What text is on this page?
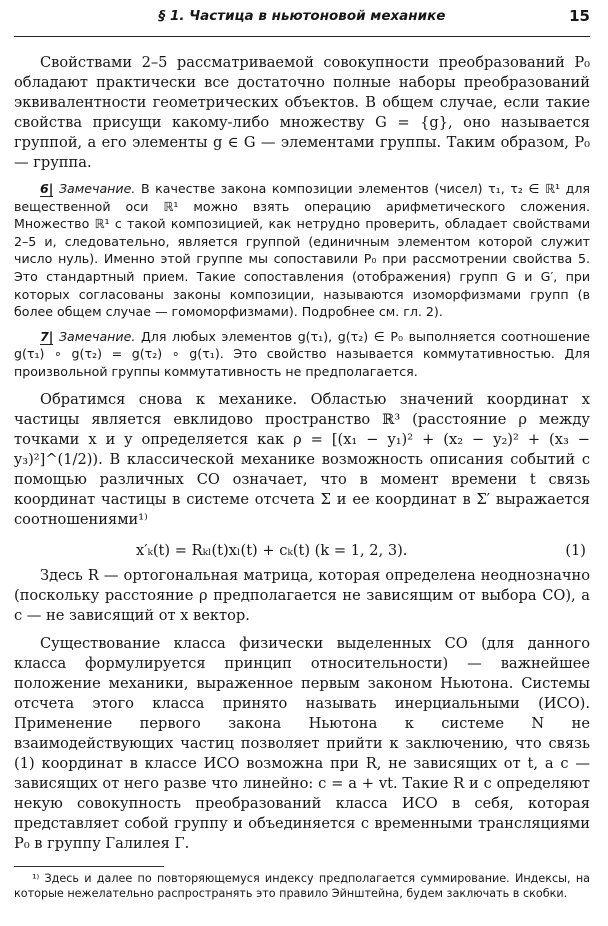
§ 1. Частица в ньютоновой механике	15

Свойствами 2–5 рассматриваемой совокупности преобразований P₀ обладают практически все достаточно полные наборы преобразований эквивалентности геометрических объектов. В общем случае, если такие свойства присущи какому-либо множеству G = {g}, оно называется группой, а его элементы g ∈ G — элементами группы. Таким образом, P₀ — группа.

6| Замечание. В качестве закона композиции элементов (чисел) τ₁, τ₂ ∈ ℝ¹ для вещественной оси ℝ¹ можно взять операцию арифметического сложения. Множество ℝ¹ с такой композицией, как нетрудно проверить, обладает свойствами 2–5 и, следовательно, является группой (единичным элементом которой служит число нуль). Именно этой группе мы сопоставили P₀ при рассмотрении свойства 5. Это стандартный прием. Такие сопоставления (отображения) групп G и G′, при которых согласованы законы композиции, называются изоморфизмами групп (в более общем случае — гомоморфизмами). Подробнее см. гл. 2).

7| Замечание. Для любых элементов g(τ₁), g(τ₂) ∈ P₀ выполняется соотношение g(τ₁) ∘ g(τ₂) = g(τ₂) ∘ g(τ₁). Это свойство называется коммутативностью. Для произвольной группы коммутативность не предполагается.

Обратимся снова к механике. Областью значений координат x частицы является евклидово пространство ℝ³ (расстояние ρ между точками x и y определяется как ρ = [(x₁ − y₁)² + (x₂ − y₂)² + (x₃ − y₃)²]^(1/2)). В классической механике возможность описания событий с помощью различных СО означает, что в момент времени t связь координат частицы в системе отсчета Σ и ее координат в Σ′ выражается соотношениями¹⁾

x′ₖ(t) = Rₖₗ(t)xₗ(t) + cₖ(t) (k = 1, 2, 3).	(1)

Здесь R — ортогональная матрица, которая определена неоднозначно (поскольку расстояние ρ предполагается не зависящим от выбора СО), а c — не зависящий от x вектор.

Существование класса физически выделенных СО (для данного класса формулируется принцип относительности) — важнейшее положение механики, выраженное первым законом Ньютона. Системы отсчета этого класса принято называть инерциальными (ИСО). Применение первого закона Ньютона к системе N не взаимодействующих частиц позволяет прийти к заключению, что связь (1) координат в классе ИСО возможна при R, не зависящих от t, а c — зависящих от него разве что линейно: c = a + vt. Такие R и c определяют некую совокупность преобразований класса ИСО в себя, которая представляет собой группу и объединяется с временными трансляциями P₀ в группу Галилея Γ.

¹⁾ Здесь и далее по повторяющемуся индексу предполагается суммирование. Индексы, на которые нежелательно распространять это правило Эйнштейна, будем заключать в скобки.
